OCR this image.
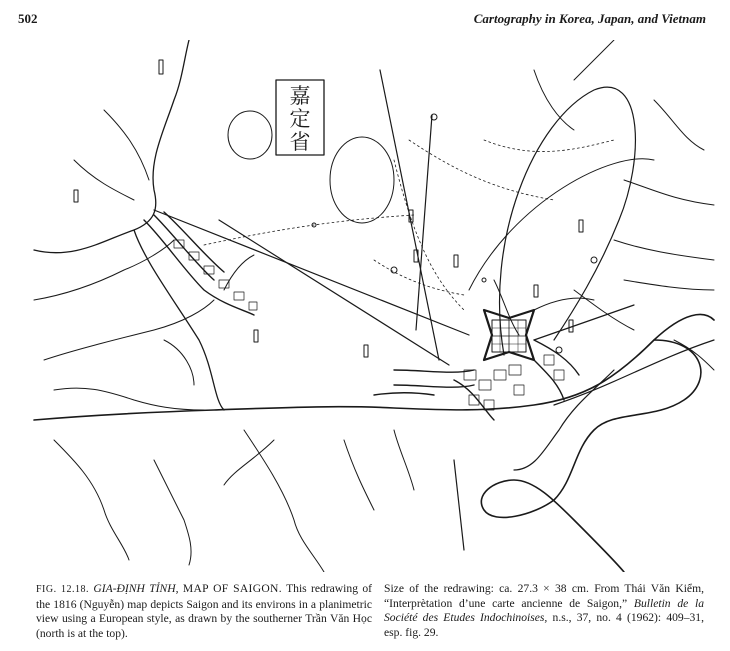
502	Cartography in Korea, Japan, and Vietnam
嘉
定
省
FIG. 12.18. GIA-ĐỊNH TỈNH, MAP OF SAIGON. This redrawing of the 1816 (Nguyễn) map depicts Saigon and its environs in a planimetric view using a European style, as drawn by the southerner Trần Văn Học (north is at the top).
Size of the redrawing: ca. 27.3 × 38 cm. From Thái Văn Kiểm, “Interprètation d’une carte ancienne de Saigon,” Bulletin de la Société des Etudes Indochinoises, n.s., 37, no. 4 (1962): 409–31, esp. fig. 29.
